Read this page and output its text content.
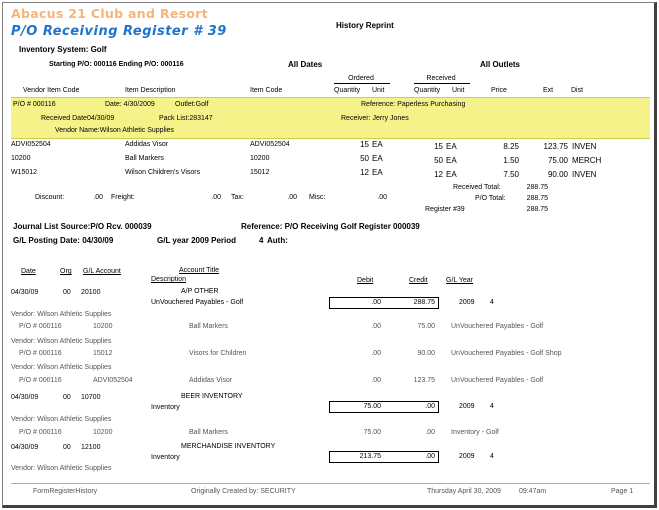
Abacus 21 Club and Resort
P/O Receiving Register # 39	History Reprint
Inventory System: Golf
Starting P/O: 000116 Ending P/O: 000116	All Dates	All Outlets
Ordered	Received
Vendor Item Code	Item Description	Item Code	Quantity Unit	Quantity Unit	Price	Ext	Dist
P/O # 000116	Date: 4/30/2009	Outlet:Golf	Reference: Paperless Purchasing
Received Date 04/30/09	Pack List:283147	Receiver: Jerry Jones
Vendor Name:Wilson Athletic Supplies
ADVI052504	Addidas Visor	ADVI052504	15 EA	15 EA	8.25	123.75 INVEN
10200	Ball Markers	10200	50 EA	50 EA	1.50	75.00 MERCH
W15012	Wilson Children's Visors	15012	12 EA	12 EA	7.50	90.00 INVEN
Received Total:	288.75
Discount:	.00 Freight:	.00 Tax:	.00 Misc:	.00	P/O Total:	288.75
Register #39	288.75
Journal List Source:P/O Rcv. 000039	Reference: P/O Receiving Golf Register 000039
G/L Posting Date: 04/30/09	G/L year 2009 Period	4 Auth:
Date	Org G/L Account	Account Title
Description	Debit	Credit	G/L Year
04/30/09	00 20100	A/P OTHER
UnVouchered Payables - Golf	.00	288.75	2009 4
Vendor: Wilson Athletic Supplies
P/O # 000116	10200	Ball Markers	.00	75.00 UnVouchered Payables - Golf
Vendor: Wilson Athletic Supplies
P/O # 000116	15012	Visors for Children	.00	90.00 UnVouchered Payables - Golf Shop
Vendor: Wilson Athletic Supplies
P/O # 000116	ADVI052504	Addidas Visor	.00	123.75 UnVouchered Payables - Golf
04/30/09	00 10700	BEER INVENTORY
Inventory	75.00	.00	2009 4
Vendor: Wilson Athletic Supplies
P/O # 000116	10200	Ball Markers	75.00	.00 Inventory - Golf
04/30/09	00 12100	MERCHANDISE INVENTORY
Inventory	213.75	.00	2009 4
Vendor: Wilson Athletic Supplies
FormRegisterHistory	Originally Created by: SECURITY	Thursday April 30, 2009	09:47am	Page 1
